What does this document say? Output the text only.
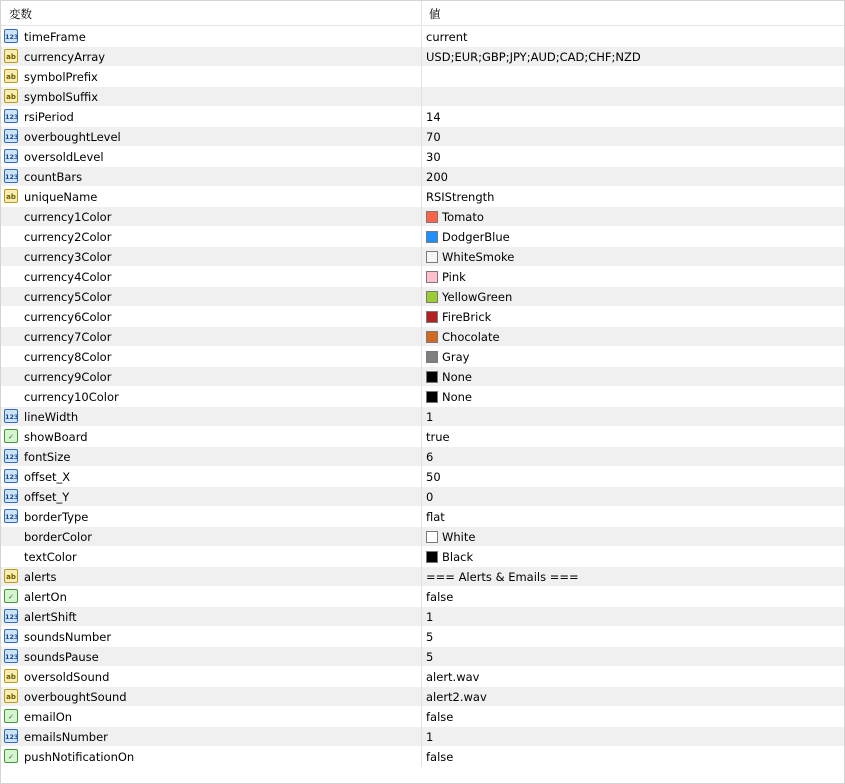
変数	値
123 timeFrame	current
ab currencyArray	USD;EUR;GBP;JPY;AUD;CAD;CHF;NZD
ab symbolPrefix
ab symbolSuffix
123 rsiPeriod	14
123 overboughtLevel	70
123 oversoldLevel	30
123 countBars	200
ab uniqueName	RSIStrength
currency1Color	Tomato
currency2Color	DodgerBlue
currency3Color	WhiteSmoke
currency4Color	Pink
currency5Color	YellowGreen
currency6Color	FireBrick
currency7Color	Chocolate
currency8Color	Gray
currency9Color	None
currency10Color	None
123 lineWidth	1
✓ showBoard	true
123 fontSize	6
123 offset_X	50
123 offset_Y	0
123 borderType	flat
borderColor	White
textColor	Black
ab alerts	=== Alerts & Emails ===
✓ alertOn	false
123 alertShift	1
123 soundsNumber	5
123 soundsPause	5
ab oversoldSound	alert.wav
ab overboughtSound	alert2.wav
✓ emailOn	false
123 emailsNumber	1
✓ pushNotificationOn	false
